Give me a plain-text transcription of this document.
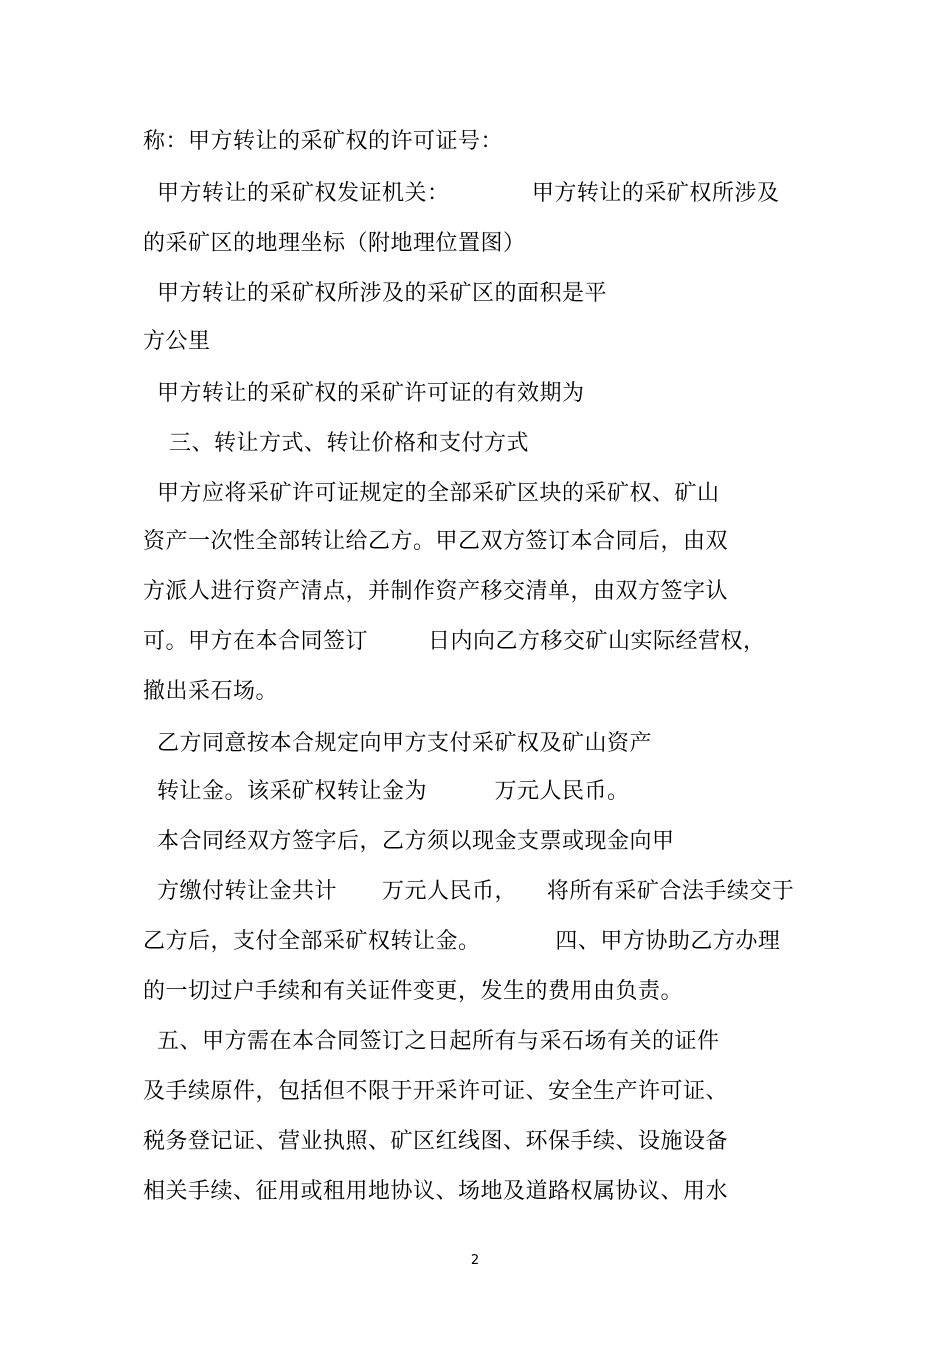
称：甲方转让的采矿权的许可证号：
甲方转让的采矿权发证机关：           甲方转让的采矿权所涉及
的采矿区的地理坐标（附地理位置图）
甲方转让的采矿权所涉及的采矿区的面积是平
方公里
甲方转让的采矿权的采矿许可证的有效期为
三、转让方式、转让价格和支付方式
甲方应将采矿许可证规定的全部采矿区块的采矿权、矿山
资产一次性全部转让给乙方。甲乙双方签订本合同后，由双
方派人进行资产清点，并制作资产移交清单，由双方签字认
可。甲方在本合同签订        日内向乙方移交矿山实际经营权，
撤出采石场。
乙方同意按本合规定向甲方支付采矿权及矿山资产
转让金。该采矿权转让金为         万元人民币。
本合同经双方签字后，乙方须以现金支票或现金向甲
方缴付转让金共计      万元人民币，    将所有采矿合法手续交于
乙方后，支付全部采矿权转让金。          四、甲方协助乙方办理
的一切过户手续和有关证件变更，发生的费用由负责。
五、甲方需在本合同签订之日起所有与采石场有关的证件
及手续原件，包括但不限于开采许可证、安全生产许可证、
税务登记证、营业执照、矿区红线图、环保手续、设施设备
相关手续、征用或租用地协议、场地及道路权属协议、用水
2
